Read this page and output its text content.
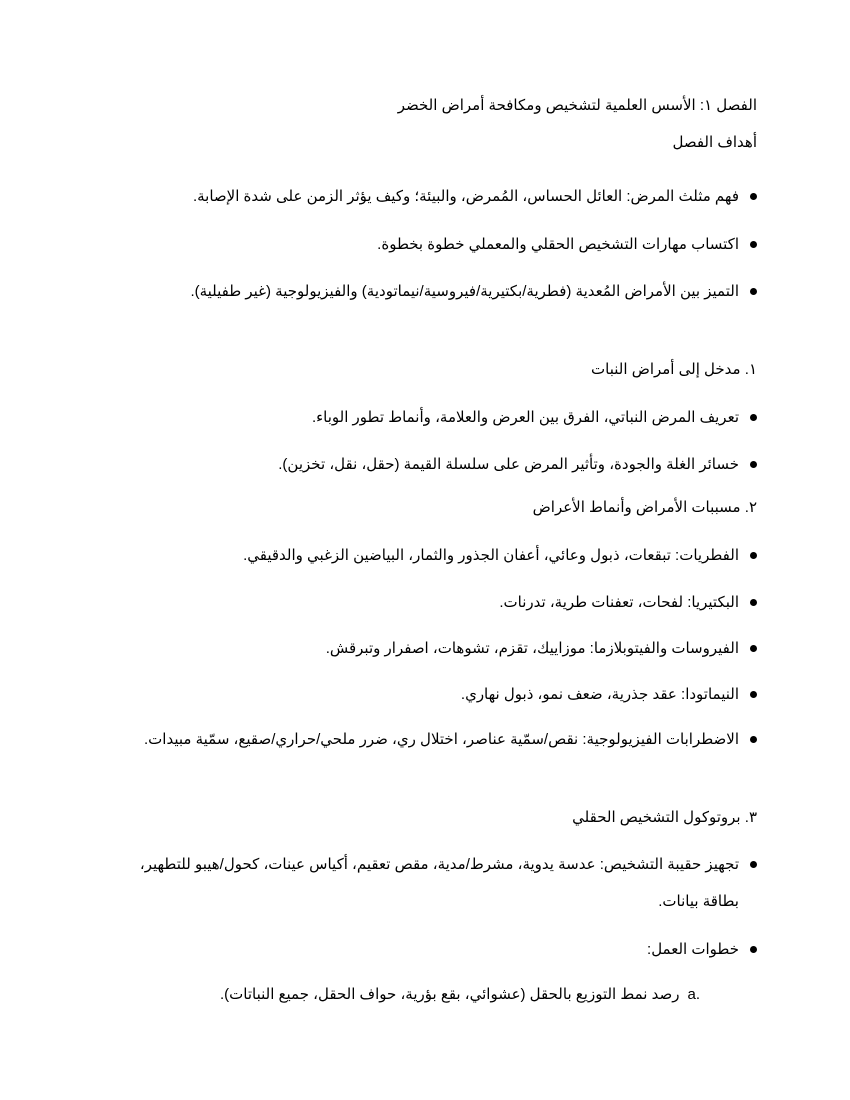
الفصل ١: الأسس العلمية لتشخيص ومكافحة أمراض الخضر
أهداف الفصل
فهم مثلث المرض: العائل الحساس، المُمرض، والبيئة؛ وكيف يؤثر الزمن على شدة الإصابة.
اكتساب مهارات التشخيص الحقلي والمعملي خطوة بخطوة.
التميز بين الأمراض المُعدية (فطرية/بكتيرية/فيروسية/نيماتودية) والفيزيولوجية (غير طفيلية).
١. مدخل إلى أمراض النبات
تعريف المرض النباتي، الفرق بين العرض والعلامة، وأنماط تطور الوباء.
خسائر الغلة والجودة، وتأثير المرض على سلسلة القيمة (حقل، نقل، تخزين).
٢. مسببات الأمراض وأنماط الأعراض
الفطريات: تبقعات، ذبول وعائي، أعفان الجذور والثمار، البياضين الزغبي والدقيقي.
البكتيريا: لفحات، تعفنات طرية، تدرنات.
الفيروسات والفيتوبلازما: موزاييك، تقزم، تشوهات، اصفرار وتبرقش.
النيماتودا: عقد جذرية، ضعف نمو، ذبول نهاري.
الاضطرابات الفيزيولوجية: نقص/سمّية عناصر، اختلال ري، ضرر ملحي/حراري/صقيع، سمّية مبيدات.
٣. بروتوكول التشخيص الحقلي
تجهيز حقيبة التشخيص: عدسة يدوية، مشرط/مدية، مقص تعقيم، أكياس عينات، كحول/هيبو للتطهير، بطاقة بيانات.
خطوات العمل:
a.رصد نمط التوزيع بالحقل (عشوائي، بقع بؤرية، حواف الحقل، جميع النباتات).
